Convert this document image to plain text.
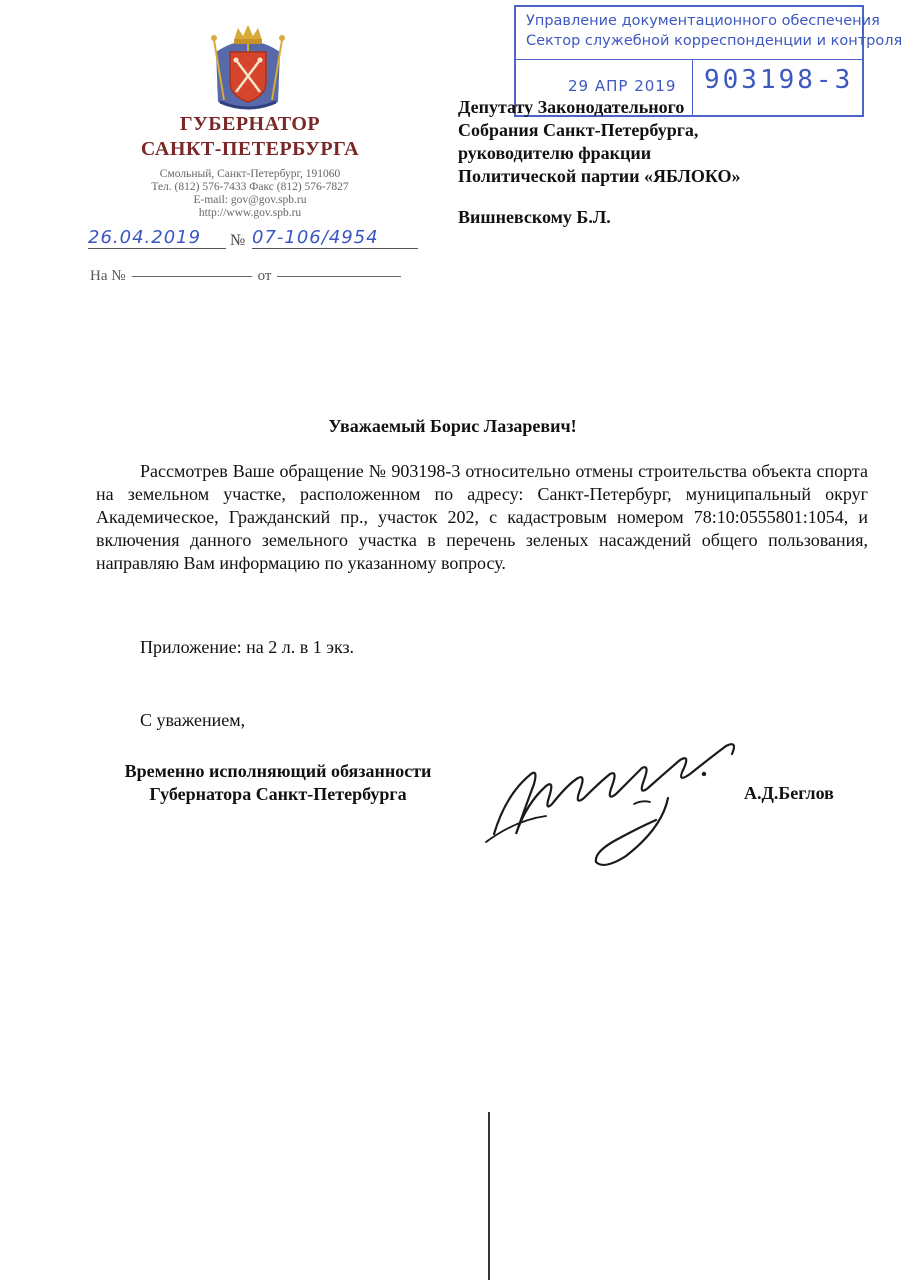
ГУБЕРНАТОР
САНКТ-ПЕТЕРБУРГА
Смольный, Санкт-Петербург, 191060
Тел. (812) 576-7433 Факс (812) 576-7827
E-mail: gov@gov.spb.ru
http://www.gov.spb.ru
26.04.2019	№ 07-106/4954
На №	от
Управление документационного обеспечения
Сектор служебной корреспонденции и контроля
29 АПР 2019 903198-3
Депутату Законодательного
Собрания Санкт-Петербурга,
руководителю фракции
Политической партии «ЯБЛОКО»
Вишневскому Б.Л.
Уважаемый Борис Лазаревич!
Рассмотрев Ваше обращение № 903198-3 относительно отмены строительства объекта спорта на земельном участке, расположенном по адресу: Санкт-Петербург, муниципальный округ Академическое, Гражданский пр., участок 202, с кадастровым номером 78:10:0555801:1054, и включения данного земельного участка в перечень зеленых насаждений общего пользования, направляю Вам информацию по указанному вопросу.
Приложение: на 2 л. в 1 экз.
С уважением,
Временно исполняющий обязанности
Губернатора Санкт-Петербурга	А.Д.Беглов
